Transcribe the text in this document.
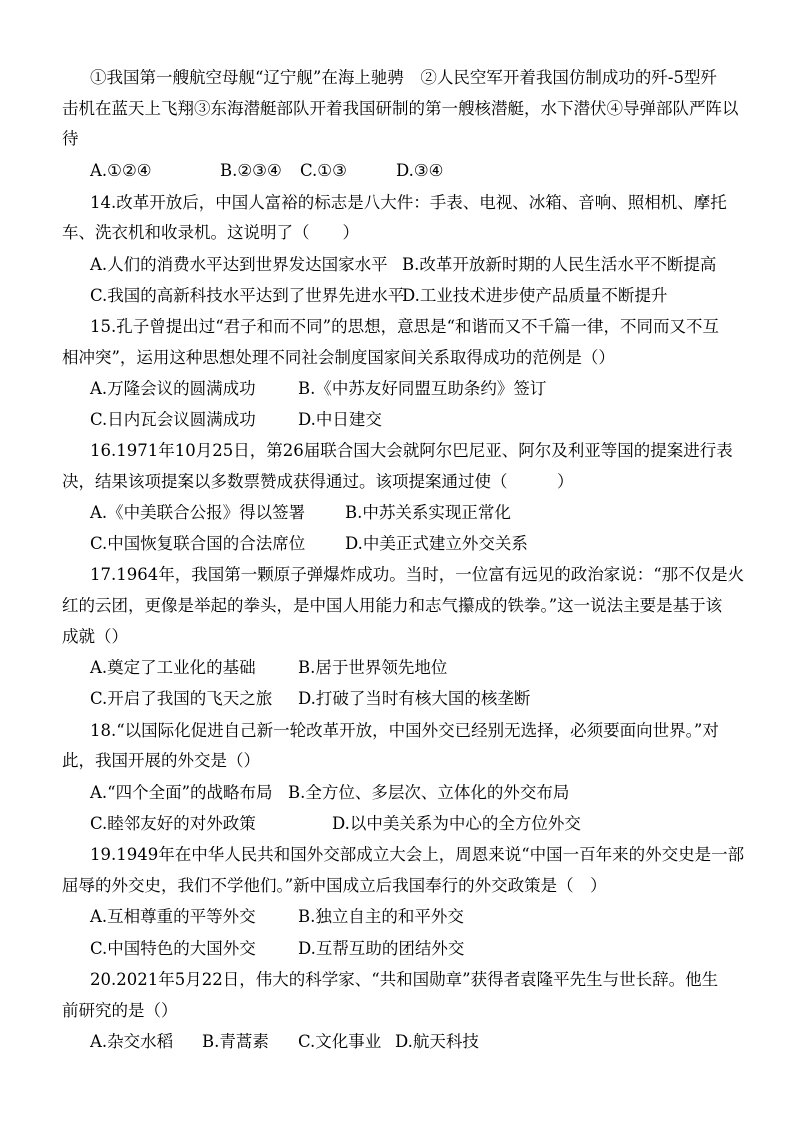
①我国第一艘航空母舰“辽宁舰”在海上驰骋　②人民空军开着我国仿制成功的歼-5型歼
击机在蓝天上飞翔③东海潜艇部队开着我国研制的第一艘核潜艇，水下潜伏④导弹部队严阵以
待
A.①②④	B.②③④ C.①③	D.③④
14.改革开放后，中国人富裕的标志是八大件：手表、电视、冰箱、音响、照相机、摩托
车、洗衣机和收录机。这说明了（　　）
A.人们的消费水平达到世界发达国家水平 B.改革开放新时期的人民生活水平不断提高
C.我国的高新科技水平达到了世界先进水平
D.工业技术进步使产品质量不断提升
15.孔子曾提出过“君子和而不同”的思想，意思是“和谐而又不千篇一律，不同而又不互
相冲突”，运用这种思想处理不同社会制度国家间关系取得成功的范例是（）
A.万隆会议的圆满成功	B.《中苏友好同盟互助条约》签订
C.日内瓦会议圆满成功	D.中日建交
16.1971年10月25日，第26届联合国大会就阿尔巴尼亚、阿尔及利亚等国的提案进行表
决，结果该项提案以多数票赞成获得通过。该项提案通过使（　　　）
A.《中美联合公报》得以签署 B.中苏关系实现正常化
C.中国恢复联合国的合法席位 D.中美正式建立外交关系
17.1964年，我国第一颗原子弹爆炸成功。当时，一位富有远见的政治家说：“那不仅是火
红的云团，更像是举起的拳头，是中国人用能力和志气攥成的铁拳。”这一说法主要是基于该
成就（）
A.奠定了工业化的基础	B.居于世界领先地位
C.开启了我国的飞天之旅 D.打破了当时有核大国的核垄断
18.“以国际化促进自己新一轮改革开放，中国外交已经别无选择，必须要面向世界。”对
此，我国开展的外交是（）
A.“四个全面”的战略布局 B.全方位、多层次、立体化的外交布局
C.睦邻友好的对外政策	D.以中美关系为中心的全方位外交
19.1949年在中华人民共和国外交部成立大会上，周恩来说“中国一百年来的外交史是一部
屈辱的外交史，我们不学他们。”新中国成立后我国奉行的外交政策是（　）
A.互相尊重的平等外交	B.独立自主的和平外交
C.中国特色的大国外交	D.互帮互助的团结外交
20.2021年5月22日，伟大的科学家、“共和国勋章”获得者袁隆平先生与世长辞。他生
前研究的是（）
A.杂交水稻 B.青蒿素 C.文化事业 D.航天科技
